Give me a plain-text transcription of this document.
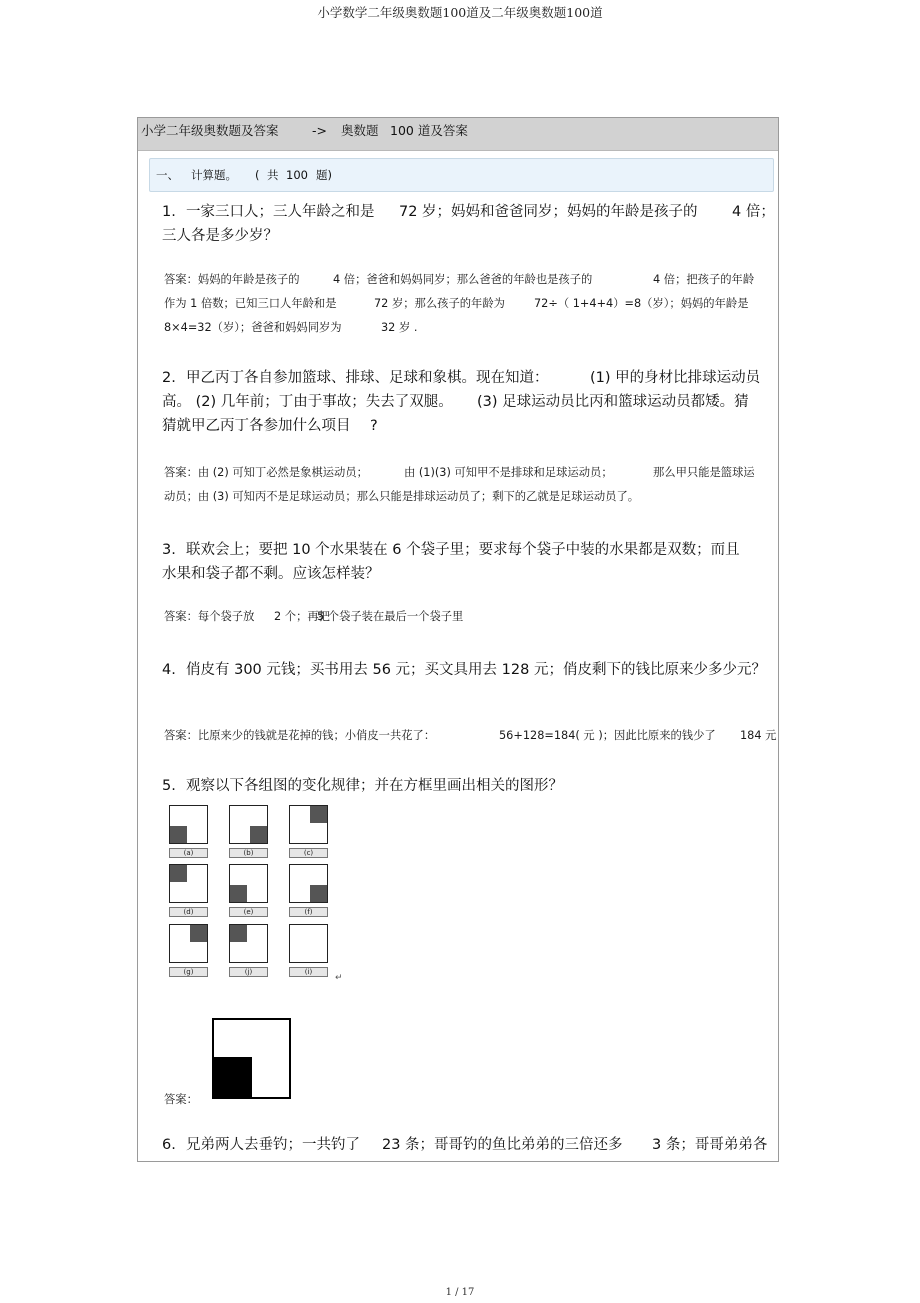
小学数学二年级奥数题100道及二年级奥数题100道
小学二年级奥数题及答案	-> 奥数题 100 道及答案
一、 计算题。 ( 共 100 题)
1. 一家三口人；三人年龄之和是 72 岁；妈妈和爸爸同岁；妈妈的年龄是孩子的 4 倍；
三人各是多少岁？
答案：妈妈的年龄是孩子的	4 倍；爸爸和妈妈同岁；那么爸爸的年龄也是孩子的	4 倍；把孩子的年龄
作为 1 倍数；已知三口人年龄和是	72 岁；那么孩子的年龄为	72÷（ 1+4+4）=8（岁）；妈妈的年龄是
8×4=32（岁）；爸爸和妈妈同岁为	32 岁 .
2. 甲乙丙丁各自参加篮球、排球、足球和象棋。现在知道：	(1) 甲的身材比排球运动员
高。 (2) 几年前；丁由于事故；失去了双腿。 (3) 足球运动员比丙和篮球运动员都矮。猜
猜就甲乙丙丁各参加什么项目 ?
答案：由 (2) 可知丁必然是象棋运动员；	由 (1)(3) 可知甲不是排球和足球运动员；	那么甲只能是篮球运
动员；由 (3) 可知丙不是足球运动员；那么只能是排球运动员了；剩下的乙就是足球运动员了。
3. 联欢会上；要把 10 个水果装在 6 个袋子里；要求每个袋子中装的水果都是双数；而且
水果和袋子都不剩。应该怎样装？
答案：每个袋子放 2 个；再把
5 个袋子装在最后一个袋子里
4. 俏皮有 300 元钱；买书用去 56 元；买文具用去 128 元；俏皮剩下的钱比原来少多少元？
答案：比原来少的钱就是花掉的钱；小俏皮一共花了：	56+128=184( 元 )；因此比原来的钱少了 184 元
5. 观察以下各组图的变化规律；并在方框里画出相关的图形？
(a)	(b)	(c)
(d)	(e)	(f)
(g)	(j)	(i)
↵
答案：
6. 兄弟两人去垂钓；一共钓了 23 条；哥哥钓的鱼比弟弟的三倍还多 3 条；哥哥弟弟各
1 / 17
